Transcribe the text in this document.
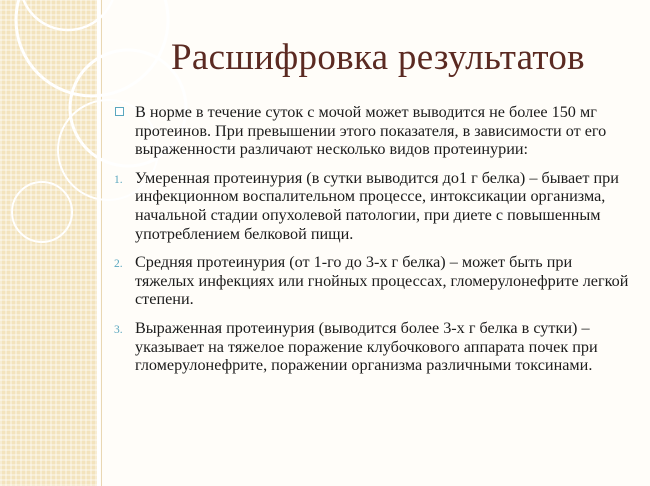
Расшифровка результатов
В норме в течение суток с мочой может выводится не более 150 мг протеинов. При превышении этого показателя, в зависимости от его выраженности различают несколько видов протеинурии:
1. Умеренная протеинурия (в сутки выводится до1 г белка) – бывает при инфекционном воспалительном процессе, интоксикации организма, начальной стадии опухолевой патологии, при диете с повышенным употреблением белковой пищи.
2. Средняя протеинурия (от 1-го до 3-х г белка) – может быть при тяжелых инфекциях или гнойных процессах, гломерулонефрите легкой степени.
3. Выраженная протеинурия (выводится более 3-х г белка в сутки) – указывает на тяжелое поражение клубочкового аппарата почек при гломерулонефрите, поражении организма различными токсинами.
